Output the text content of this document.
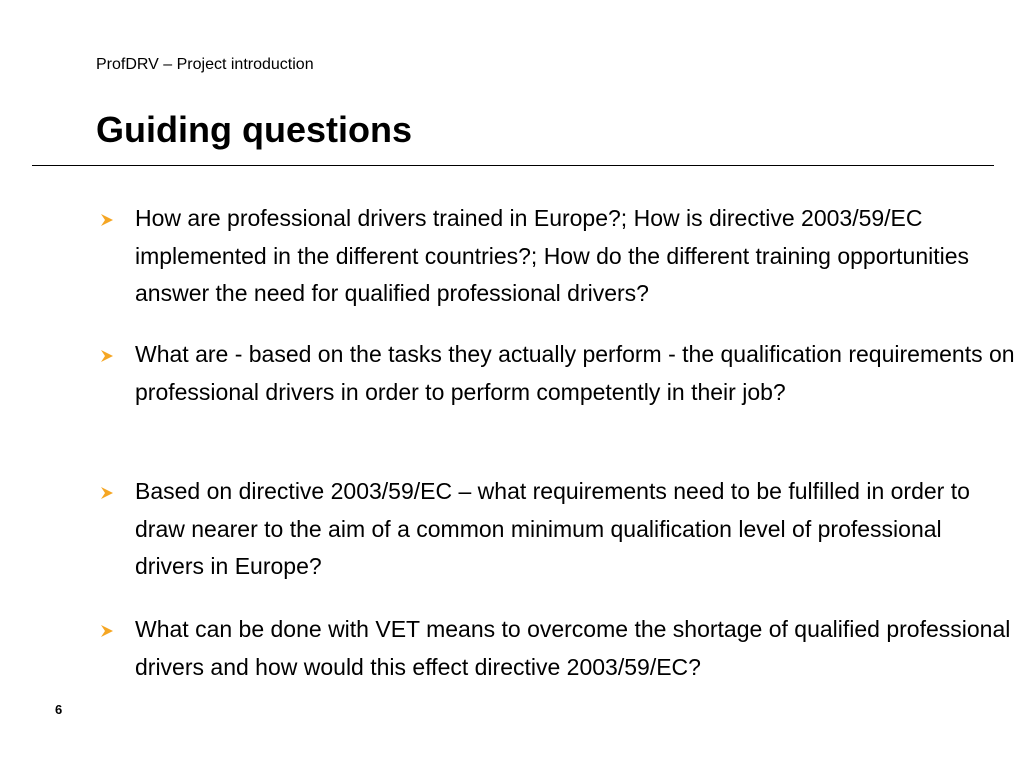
ProfDRV – Project introduction
Guiding questions
How are professional drivers trained in Europe?; How is directive 2003/59/EC implemented in the different countries?; How do the different training opportunities answer the need for qualified professional drivers?
What are - based on the tasks they actually perform - the qualification requirements on professional drivers in order to perform competently in their job?
Based on directive 2003/59/EC – what requirements need to be fulfilled in order to draw nearer to the aim of a common minimum qualification level of professional drivers in Europe?
What can be done with VET means to overcome the shortage of qualified professional drivers and how would this effect directive 2003/59/EC?
6
